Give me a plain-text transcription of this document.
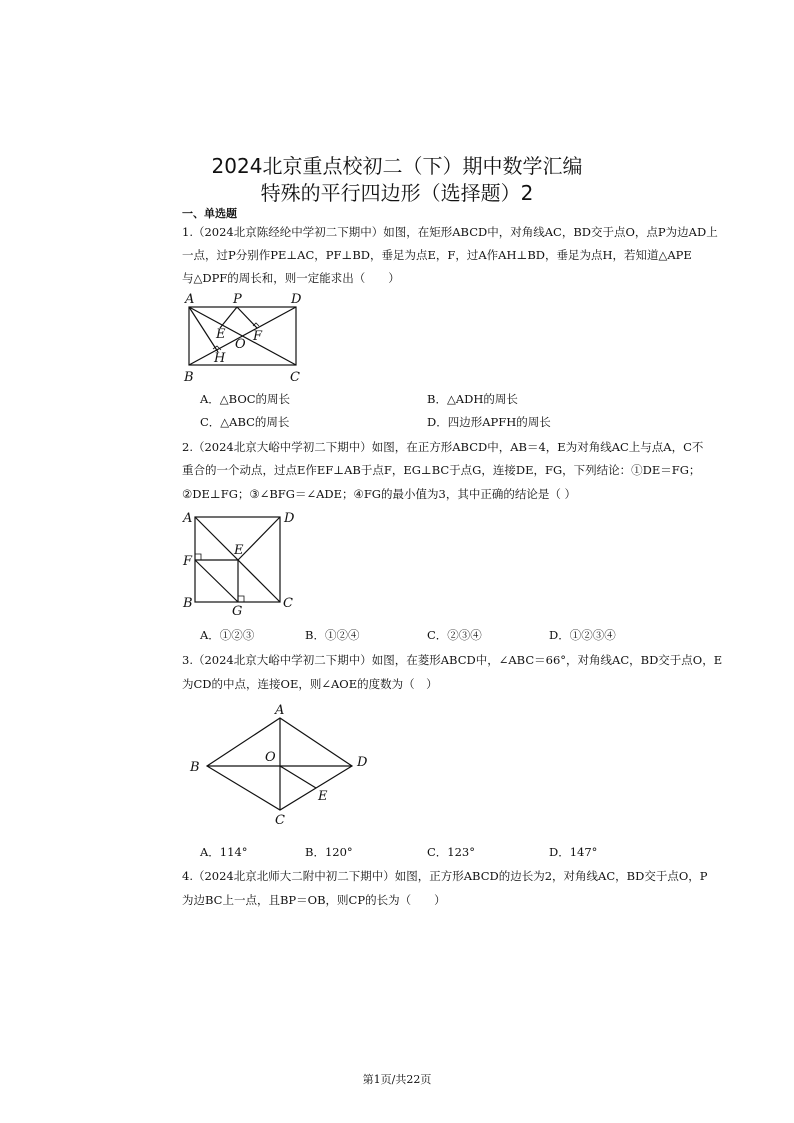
2024北京重点校初二（下）期中数学汇编
特殊的平行四边形（选择题）2
一、单选题
1.（2024北京陈经纶中学初二下期中）如图，在矩形ABCD中，对角线AC，BD交于点O，点P为边AD上
一点，过P分别作PE⊥AC，PF⊥BD，垂足为点E，F，过A作AH⊥BD，垂足为点H，若知道△APE
与△DPF的周长和，则一定能求出（　　）
A	P	D
E F
O
H
B	C
A．△BOC的周长	B．△ADH的周长
C．△ABC的周长	D．四边形APFH的周长
2.（2024北京大峪中学初二下期中）如图，在正方形ABCD中，AB＝4，E为对角线AC上与点A，C不
重合的一个动点，过点E作EF⊥AB于点F，EG⊥BC于点G，连接DE，FG，下列结论：①DE＝FG；
②DE⊥FG；③∠BFG＝∠ADE；④FG的最小值为3，其中正确的结论是（ ）
A	D
E
F
B
G
C
A．①②③	B．①②④	C．②③④	D．①②③④
3.（2024北京大峪中学初二下期中）如图，在菱形ABCD中，∠ABC＝66°，对角线AC，BD交于点O，E
为CD的中点，连接OE，则∠AOE的度数为（　）
A
B
O	D
E
C
A．114°	B．120°	C．123°	D．147°
4.（2024北京北师大二附中初二下期中）如图，正方形ABCD的边长为2，对角线AC，BD交于点O，P
为边BC上一点，且BP＝OB，则CP的长为（　　）
第1页/共22页
